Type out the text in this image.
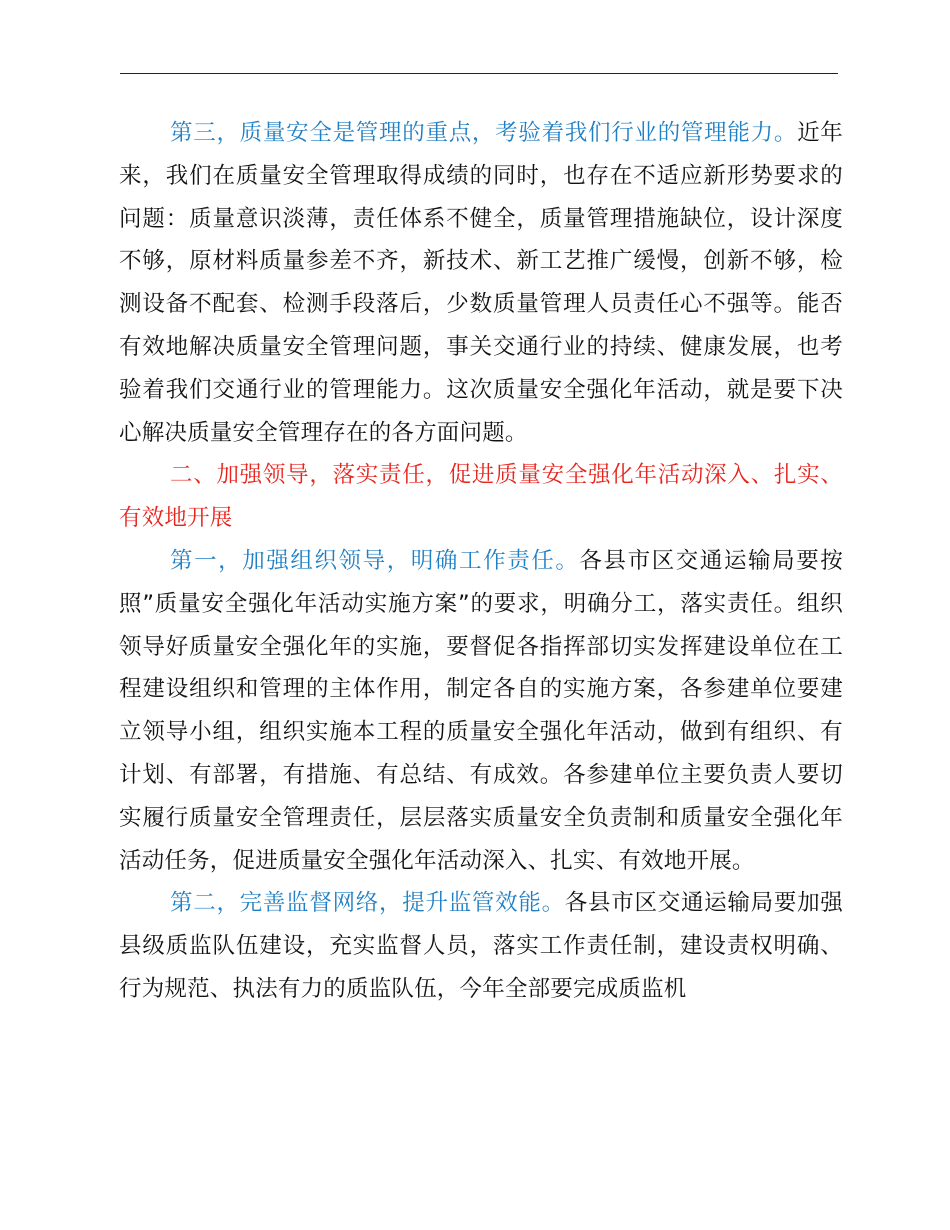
第三，质量安全是管理的重点，考验着我们行业的管理能力。近年来，我们在质量安全管理取得成绩的同时，也存在不适应新形势要求的问题：质量意识淡薄，责任体系不健全，质量管理措施缺位，设计深度不够，原材料质量参差不齐，新技术、新工艺推广缓慢，创新不够，检测设备不配套、检测手段落后，少数质量管理人员责任心不强等。能否有效地解决质量安全管理问题，事关交通行业的持续、健康发展，也考验着我们交通行业的管理能力。这次质量安全强化年活动，就是要下决心解决质量安全管理存在的各方面问题。

二、加强领导，落实责任，促进质量安全强化年活动深入、扎实、有效地开展

第一，加强组织领导，明确工作责任。各县市区交通运输局要按照”质量安全强化年活动实施方案”的要求，明确分工，落实责任。组织领导好质量安全强化年的实施，要督促各指挥部切实发挥建设单位在工程建设组织和管理的主体作用，制定各自的实施方案，各参建单位要建立领导小组，组织实施本工程的质量安全强化年活动，做到有组织、有计划、有部署，有措施、有总结、有成效。各参建单位主要负责人要切实履行质量安全管理责任，层层落实质量安全负责制和质量安全强化年活动任务，促进质量安全强化年活动深入、扎实、有效地开展。

第二，完善监督网络，提升监管效能。各县市区交通运输局要加强县级质监队伍建设，充实监督人员，落实工作责任制，建设责权明确、行为规范、执法有力的质监队伍，今年全部要完成质监机
